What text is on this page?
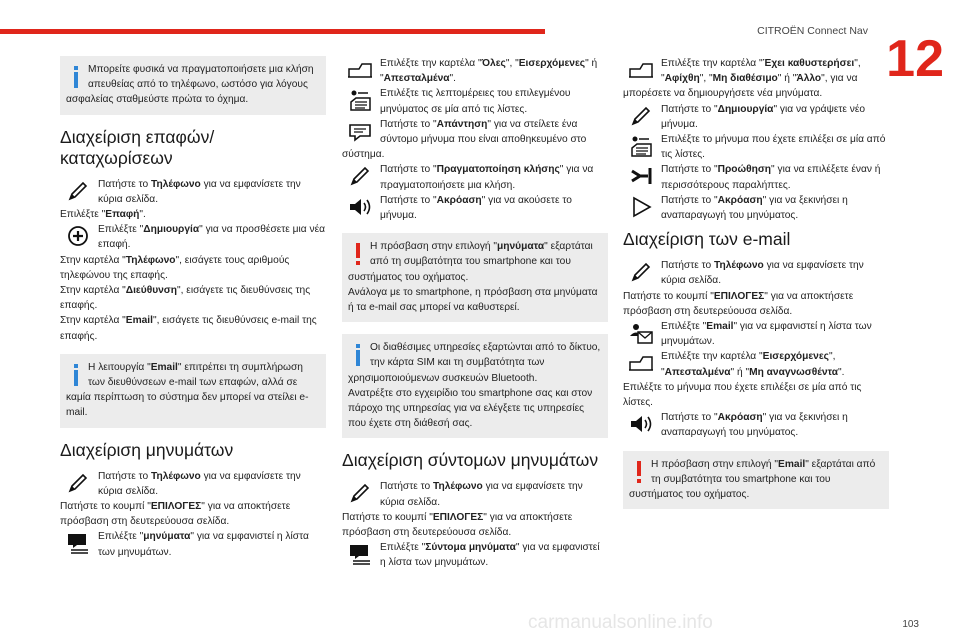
CITROËN Connect Nav 12
Μπορείτε φυσικά να πραγματοποιήσετε μια κλήση απευθείας από το τηλέφωνο, ωστόσο για λόγους ασφαλείας σταθμεύστε πρώτα το όχημα.
Διαχείριση επαφών/ καταχωρίσεων
Πατήστε το Τηλέφωνο για να εμφανίσετε την κύρια σελίδα.

Επιλέξτε "Επαφή".

Επιλέξτε "Δημιουργία" για να προσθέσετε μια νέα επαφή.

Στην καρτέλα "Τηλέφωνο", εισάγετε τους αριθμούς τηλεφώνου της επαφής.

Στην καρτέλα "Διεύθυνση", εισάγετε τις διευθύνσεις της επαφής.

Στην καρτέλα "Email", εισάγετε τις διευθύνσεις e-mail της επαφής.

Η λειτουργία "Email" επιτρέπει τη συμπλήρωση των διευθύνσεων e-mail των επαφών, αλλά σε καμία περίπτωση το σύστημα δεν μπορεί να στείλει e-mail.
Διαχείριση μηνυμάτων
Πατήστε το Τηλέφωνο για να εμφανίσετε την κύρια σελίδα.

Πατήστε το κουμπί "ΕΠΙΛΟΓΕΣ" για να αποκτήσετε πρόσβαση στη δευτερεύουσα σελίδα.

Επιλέξτε "μηνύματα" για να εμφανιστεί η λίστα των μηνυμάτων.
Επιλέξτε την καρτέλα "Όλες", "Εισερχόμενες" ή "Απεσταλμένα".
Επιλέξτε τις λεπτομέρειες του επιλεγμένου μηνύματος σε μία από τις λίστες.
Πατήστε το "Απάντηση" για να στείλετε ένα σύντομο μήνυμα που είναι αποθηκευμένο στο σύστημα.
Πατήστε το "Πραγματοποίηση κλήσης" για να πραγματοποιήσετε μια κλήση.
Πατήστε το "Ακρόαση" για να ακούσετε το μήνυμα.
Η πρόσβαση στην επιλογή "μηνύματα" εξαρτάται από τη συμβατότητα του smartphone και του συστήματος του οχήματος.
Ανάλογα με το smartphone, η πρόσβαση στα μηνύματα ή τα e-mail σας μπορεί να καθυστερεί.
Οι διαθέσιμες υπηρεσίες εξαρτώνται από το δίκτυο, την κάρτα SIM και τη συμβατότητα των χρησιμοποιούμενων συσκευών Bluetooth.
Ανατρέξτε στο εγχειρίδιο του smartphone σας και στον πάροχο της υπηρεσίας για να ελέγξετε τις υπηρεσίες που έχετε στη διάθεσή σας.
Διαχείριση σύντομων μηνυμάτων
Πατήστε το Τηλέφωνο για να εμφανίσετε την κύρια σελίδα.

Πατήστε το κουμπί "ΕΠΙΛΟΓΕΣ" για να αποκτήσετε πρόσβαση στη δευτερεύουσα σελίδα.

Επιλέξτε "Σύντομα μηνύματα" για να εμφανιστεί η λίστα των μηνυμάτων.
Επιλέξτε την καρτέλα "Έχει καθυστερήσει", "Αφίχθη", "Μη διαθέσιμο" ή "Άλλο", για να μπορέσετε να δημιουργήσετε νέα μηνύματα.
Πατήστε το "Δημιουργία" για να γράψετε νέο μήνυμα.
Επιλέξτε το μήνυμα που έχετε επιλέξει σε μία από τις λίστες.
Πατήστε το "Προώθηση" για να επιλέξετε έναν ή περισσότερους παραλήπτες.
Πατήστε το "Ακρόαση" για να ξεκινήσει η αναπαραγωγή του μηνύματος.
Διαχείριση των e-mail
Πατήστε το Τηλέφωνο για να εμφανίσετε την κύρια σελίδα.

Πατήστε το κουμπί "ΕΠΙΛΟΓΕΣ" για να αποκτήσετε πρόσβαση στη δευτερεύουσα σελίδα.

Επιλέξτε "Email" για να εμφανιστεί η λίστα των μηνυμάτων.
Επιλέξτε την καρτέλα "Εισερχόμενες", "Απεσταλμένα" ή "Μη αναγνωσθέντα".

Επιλέξτε το μήνυμα που έχετε επιλέξει σε μία από τις λίστες.

Πατήστε το "Ακρόαση" για να ξεκινήσει η αναπαραγωγή του μηνύματος.
Η πρόσβαση στην επιλογή "Email" εξαρτάται από τη συμβατότητα του smartphone και του συστήματος του οχήματος.
carmanualsonline.info	103
